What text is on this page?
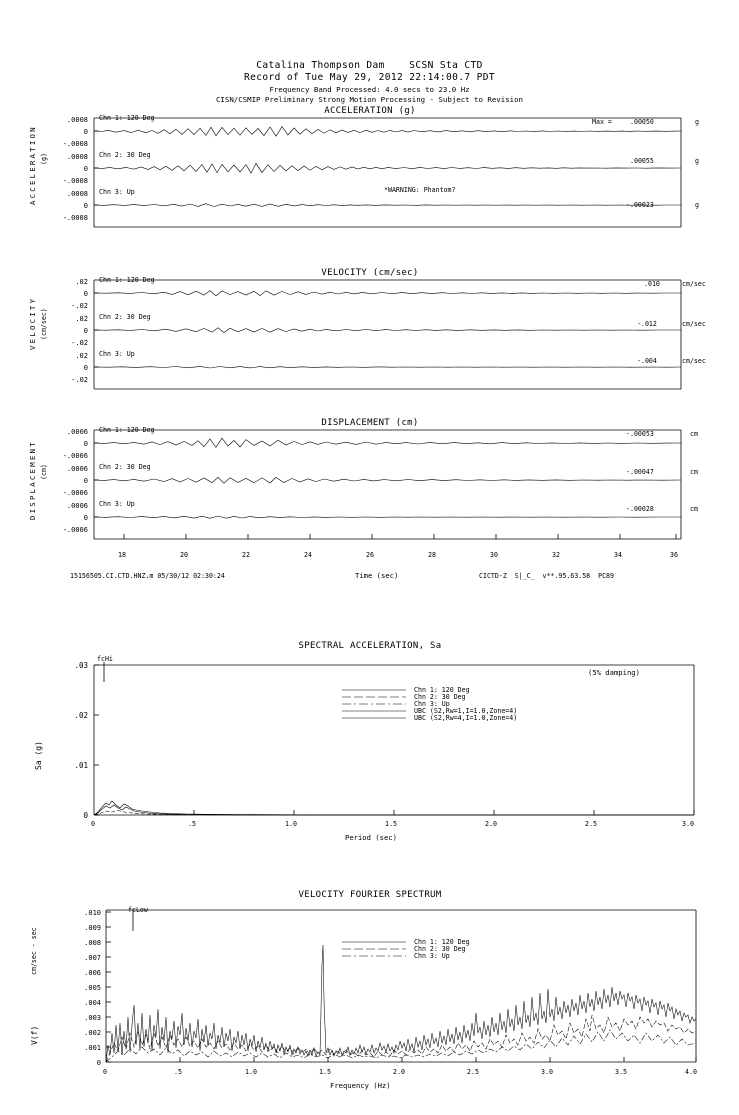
Catalina Thompson Dam    SCSN Sta CTD
Record of Tue May 29, 2012 22:14:00.7 PDT
Frequency Band Processed: 4.0 secs to 23.0 Hz
CISN/CSMIP Preliminary Strong Motion Processing - Subject to Revision
ACCELERATION (g)
ACCELERATION (g)
.0008
0
-.0008
.0008
0
-.0008
.0008
0
-.0008
Chn 1: 120 Deg
Chn 2: 30 Deg
Chn 3: Up
Max =	.00050	g
.00055	g
*WARNING: Phantom?
-.00023	g
VELOCITY (cm/sec)
VELOCITY (cm/sec)
.02
0
-.02
.02
0
-.02
.02
0
-.02
Chn 1: 120 Deg
Chn 2: 30 Deg
Chn 3: Up
.010	cm/sec
-.012	cm/sec
-.004	cm/sec
DISPLACEMENT (cm)
DISPLACEMENT (cm)
.0006
0
-.0006
.0006
0
-.0006
.0006
0
-.0006
Chn 1: 120 Deg
Chn 2: 30 Deg
Chn 3: Up
-.00053	cm
-.00047	cm
-.00028	cm
18	20	22	24	26	28	30	32	34	36
15156505.CI.CTD.HNZ.m 05/30/12 02:30:24	Time (sec)	CICTD-Z  S|_C_  v**.95.63.58  PC89
SPECTRAL ACCELERATION, Sa
fcHi
(5% damping)
Sa (g)
.03
.02
.01
0
Chn 1: 120 Deg
Chn 2: 30 Deg
Chn 3: Up
UBC (S2,Rw=1,I=1.0,Zone=4)
UBC (S2,Rw=4,I=1.0,Zone=4)
0	.5	1.0	1.5	2.0	2.5	3.0
Period (sec)
VELOCITY FOURIER SPECTRUM
fcLow
cm/sec - sec
V(f)
.010
.009
.008
.007
.006
.005
.004
.003
.002
.001
0
Chn 1: 120 Deg
Chn 2: 30 Deg
Chn 3: Up
0	.5	1.0	1.5	2.0	2.5	3.0	3.5	4.0
Frequency (Hz)
